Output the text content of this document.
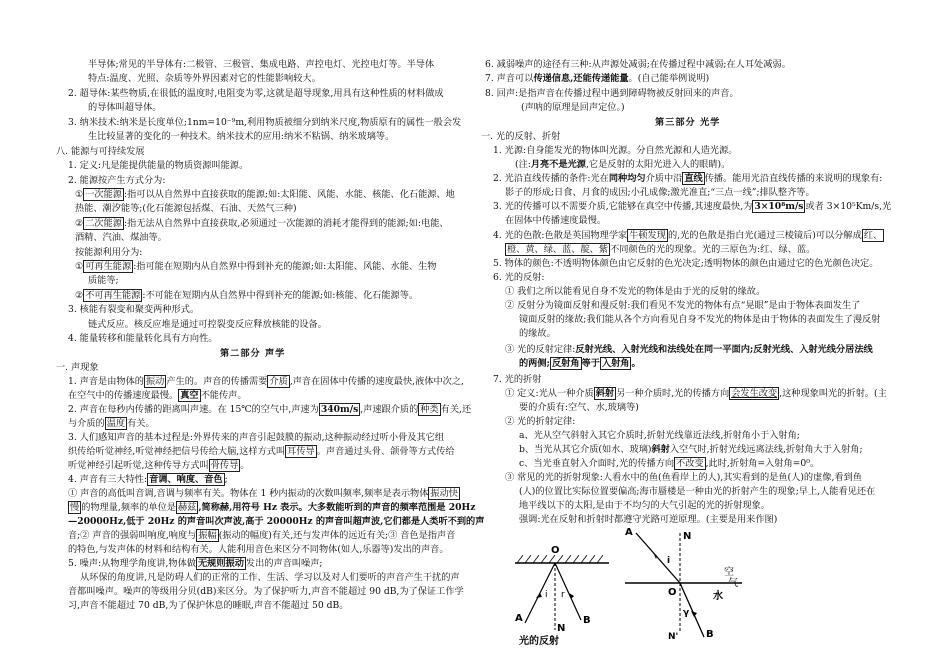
半导体;常见的半导体有:二极管、三极管、集成电路、声控电灯、光控电灯等。半导体
特点:温度、光照、杂质等外界因素对它的性能影响较大。
2. 超导体:某些物质,在很低的温度时,电阻变为零,这就是超导现象,用具有这种性质的材料做成
的导体叫超导体。
3. 纳米技术:纳米是长度单位;1nm=10⁻⁹m,利用物质被细分到纳米尺度,物质原有的属性一般会发
生比较显著的变化的一种技术。纳米技术的应用:纳米不粘锅、纳米玻璃等。
八. 能源与可持续发展
1. 定义:凡是能提供能量的物质资源叫能源。
2. 能源按产生方式分为:
① 一次能源 :指可以从自然界中直接获取的能源;如:太阳能、风能、水能、核能、化石能源、地
热能、潮汐能等;(化石能源包括煤、石油、天然气三种)
② 二次能源 :指无法从自然界中直接获取,必须通过一次能源的消耗才能得到的能源;如:电能、
酒精、汽油、煤油等。
按能源利用分为:
① 可再生能源 :指可能在短期内从自然界中得到补充的能源;如:太阳能、风能、水能、生物
质能等;
② 不可再生能源 :不可能在短期内从自然界中得到补充的能源;如:核能、化石能源等。
3. 核能有裂变和聚变两种形式。
链式反应。核反应堆是通过可控裂变反应释放核能的设备。
4. 能量转移和能量转化具有方向性。
第二部分 声学
一. 声现象
1. 声音是由物体的 振动 产生的。声音的传播需要 介质 ,声音在固体中传播的速度最快,液体中次之,
在空气中的传播速度最慢。 真空 不能传声。
2. 声音在每秒内传播的距离叫声速。在 15℃的空气中,声速为 340m/s ,声速跟介质的 种类 有关,还
与介质的 温度 有关。
3. 人们感知声音的基本过程是:外界传来的声音引起鼓膜的振动,这种振动经过听小骨及其它组
织传给听觉神经,听觉神经把信号传给大脑,这样方式叫 耳传导 。声音通过头骨、颌骨等方式传给
听觉神经引起听觉,这种传导方式叫 骨传导 。
4. 声音有三大特性: 音调、响度、音色 ;
① 声音的高低叫音调,音调与频率有关。物体在 1 秒内振动的次数叫频率,频率是表示物体 振动快
慢 的物理量,频率的单位是 赫兹 ,简称赫,用符号 Hz 表示。大多数能听到的声音的频率范围是 20Hz
—20000Hz,低于 20Hz 的声音叫次声波,高于 20000Hz 的声音叫超声波,它们都是人类听不到的声
音;② 声音的强弱叫响度,响度与 振幅 (振动的幅度)有关,还与发声体的远近有关;③ 音色是指声音
的特色,与发声体的材料和结构有关。人能利用音色来区分不同物体(如人,乐器等)发出的声音。
5. 噪声:从物理学角度讲,物体做 无规则振动 发出的声音叫噪声;
从环保的角度讲,凡是防碍人们的正常的工作、生活、学习以及对人们要听的声音产生干扰的声
音都叫噪声。噪声的等级用分贝(dB)来区分。为了保护听力,声音不能超过 90 dB,为了保证工作学
习,声音不能超过 70 dB,为了保护休息的睡眠,声音不能超过 50 dB。
6. 减弱噪声的途径有三种:从声源处减弱;在传播过程中减弱;在人耳处减弱。
7. 声音可以传递信息,还能传递能量。(自己能举例说明)
8. 回声:是指声音在传播过程中遇到障碍物被反射回来的声音。
(声呐的原理是回声定位。)
第三部分 光学
一. 光的反射、折射
1. 光源:自身能发光的物体叫光源。分自然光源和人造光源。
(注:月亮不是光源,它是反射的太阳光进入人的眼睛)。
2. 光沿直线传播的条件:光在同种均匀介质中沿 直线 传播。能用光沿直线传播的来说明的现象有:
影子的形成;日食、月食的成因;小孔成像;激光准直;“三点一线”;排队整齐等。
3. 光的传播可以不需要介质,它能够在真空中传播,其速度最快,为 3×10⁸m/s 或者 3×10⁵Km/s,光
在固体中传播速度最慢。
4. 光的色散:色散是英国物理学家 牛顿发现 的,光的色散是指白光(通过三棱镜后)可以分解成 红、
橙、黄、绿、蓝、靛、紫 不同颜色的光的现象。光的三原色为:红、绿、蓝。
5. 物体的颜色:不透明物体颜色由它反射的色光决定;透明物体的颜色由通过它的色光颜色决定。
6. 光的反射:
① 我们之所以能看见自身不发光的物体是由于光的反射的缘故。
② 反射分为镜面反射和漫反射:我们看见不发光的物体有点“晃眼”是由于物体表面发生了
镜面反射的缘故;我们能从各个方向看见自身不发光的物体是由于物体的表面发生了漫反射
的缘故。
③ 光的反射定律:反射光线、入射光线和法线处在同一平面内;反射光线、入射光线分居法线
的两侧; 反射角 等于 入射角 。
7. 光的折射
① 定义:光从一种介质 斜射 另一种介质时,光的传播方向 会发生改变 ,这种现象叫光的折射。(主
要的介质有:空气、水,玻璃等)
② 光的折射定律:
a、光从空气斜射入其它介质时,折射光线靠近法线,折射角小于入射角;
b、当光从其它介质(如水、玻璃)斜射入空气时,折射光线远离法线,折射角大于入射角;
c、当光垂直射入介面时,光的传播方向 不改变 ,此时,折射角=入射角=0⁰。
③ 常见的光的折射现象:人看水中的鱼(鱼看岸上的人),其实看到的是鱼(人)的虚像,看到鱼
(人)的位置比实际位置要偏高;海市蜃楼是一种由光的折射产生的现象;早上,人能看见还在
地平线以下的太阳,是由于不均匀的大气引起的光的折射现象。
强调:光在反射和折射时都遵守光路可逆原理。(主要是用来作图)
O
N
A	B
i r
光的反射
A	N
i
O
空
气
水
γ
N'	B
